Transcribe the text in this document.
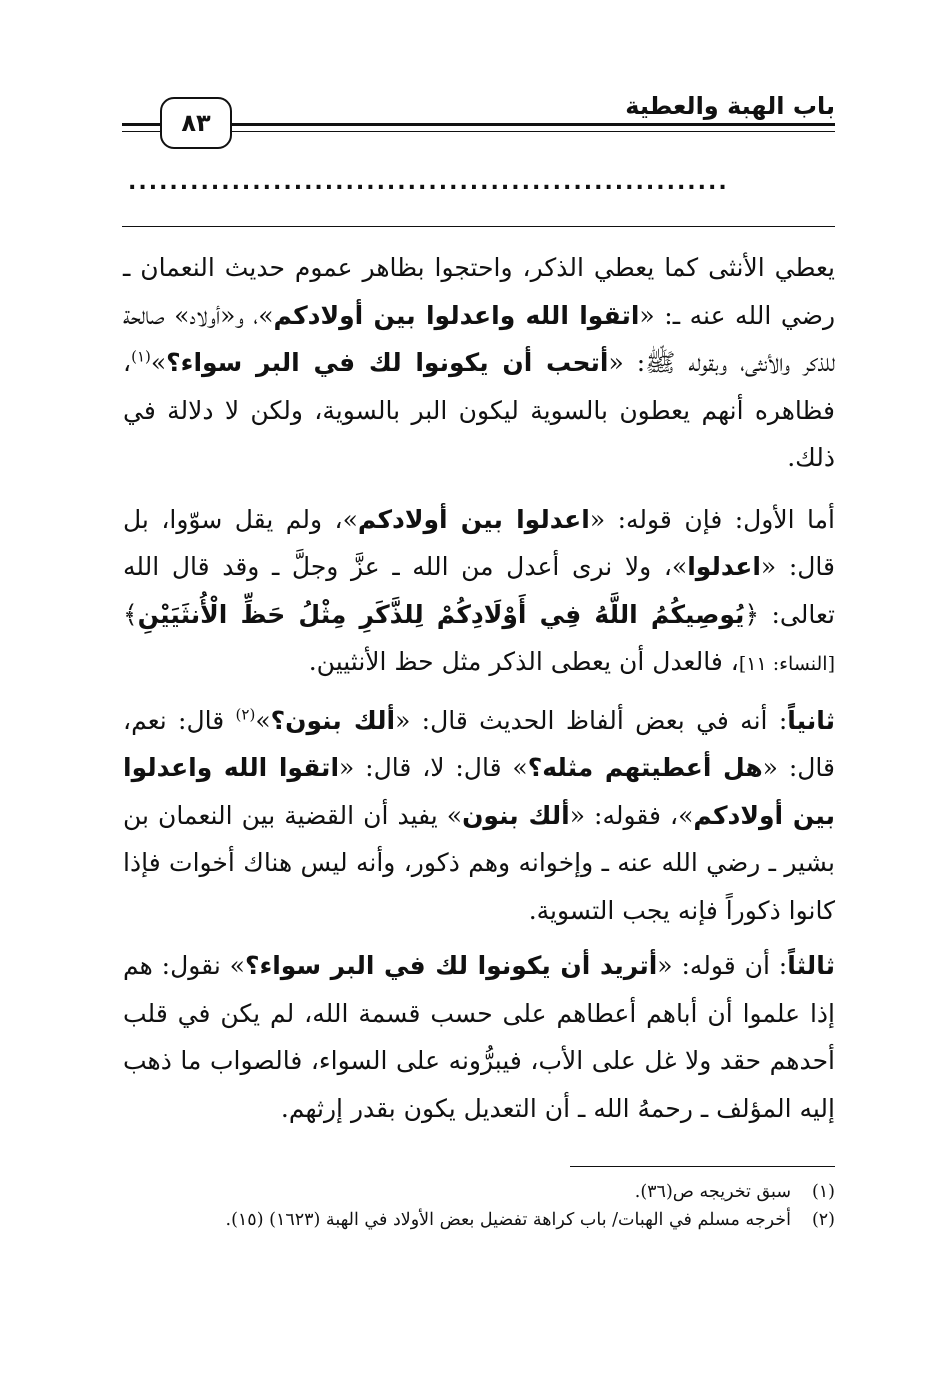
باب الهبة والعطية
٨٣
..........................................................

يعطي الأنثى كما يعطي الذكر، واحتجوا بظاهر عموم حديث النعمان ـ رضي الله عنه ـ: «اتقوا الله واعدلوا بين أولادكم»، و«أولاد» صالحة للذكر والأنثى، وبقوله ﷺ: «أتحب أن يكونوا لك في البر سواء؟»$^{(١)}$، فظاهره أنهم يعطون بالسوية ليكون البر بالسوية، ولكن لا دلالة في ذلك.

أما الأول: فإن قوله: «اعدلوا بين أولادكم»، ولم يقل سوّوا، بل قال: «اعدلوا»، ولا نرى أعدل من الله ـ عزَّ وجلَّ ـ وقد قال الله تعالى: ﴿يُوصِيكُمُ اللَّهُ فِي أَوْلَادِكُمْ لِلذَّكَرِ مِثْلُ حَظِّ الْأُنثَيَيْنِ﴾ [النساء: ١١]، فالعدل أن يعطى الذكر مثل حظ الأنثيين.

ثانياً: أنه في بعض ألفاظ الحديث قال: «ألك بنون؟»$^{(٢)}$ قال: نعم، قال: «هل أعطيتهم مثله؟» قال: لا، قال: «اتقوا الله واعدلوا بين أولادكم»، فقوله: «ألك بنون» يفيد أن القضية بين النعمان بن بشير ـ رضي الله عنه ـ وإخوانه وهم ذكور، وأنه ليس هناك أخوات فإذا كانوا ذكوراً فإنه يجب التسوية.

ثالثاً: أن قوله: «أتريد أن يكونوا لك في البر سواء؟» نقول: هم إذا علموا أن أباهم أعطاهم على حسب قسمة الله، لم يكن في قلب أحدهم حقد ولا غل على الأب، فيبرُّونه على السواء، فالصواب ما ذهب إليه المؤلف ـ رحمهُ الله ـ أن التعديل يكون بقدر إرثهم.

(١)
سبق تخريجه ص(٣٦).
(٢)
أخرجه مسلم في الهبات/ باب كراهة تفضيل بعض الأولاد في الهبة (١٦٢٣) (١٥).
